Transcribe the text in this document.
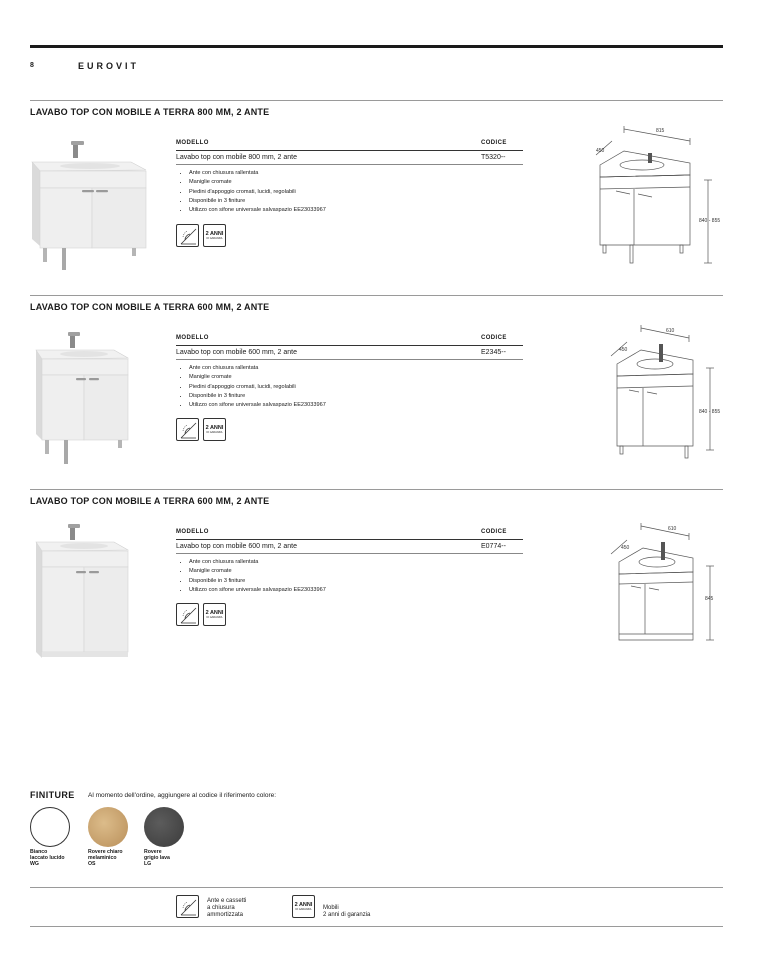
8	EUROVIT
LAVABO TOP CON MOBILE A TERRA 800 MM, 2 ANTE
MODELLO	CODICE
Lavabo top con mobile 800 mm, 2 ante	T5320--
• Ante con chiusura rallentata
• Maniglie cromate
• Piedini d'appoggio cromati, lucidi, regolabili
• Disponibile in 3 finiture
• Utilizzo con sifone universale salvaspazio EE23033967
2 ANNI
DI GARANZIA
815
450
840 - 855
LAVABO TOP CON MOBILE A TERRA 600 MM, 2 ANTE
MODELLO	CODICE
Lavabo top con mobile 600 mm, 2 ante	E2345--
• Ante con chiusura rallentata
• Maniglie cromate
• Piedini d'appoggio cromati, lucidi, regolabili
• Disponibile in 3 finiture
• Utilizzo con sifone universale salvaspazio EE23033967
2 ANNI
DI GARANZIA
610
450
840 - 855
LAVABO TOP CON MOBILE A TERRA 600 MM, 2 ANTE
MODELLO	CODICE
Lavabo top con mobile 600 mm, 2 ante	E0774--
• Ante con chiusura rallentata
• Maniglie cromate
• Disponibile in 3 finiture
• Utilizzo con sifone universale salvaspazio EE23033967
2 ANNI
DI GARANZIA
610
450
845
FINITURE Al momento dell'ordine, aggiungere al codice il riferimento colore:
Bianco
laccato lucido
WG
Rovere chiaro
melaminico
OS
Rovere
grigio lava
LG
Ante e cassetti
a chiusura
ammortizzata
2 ANNI
DI GARANZIA Mobili
2 anni di garanzia
